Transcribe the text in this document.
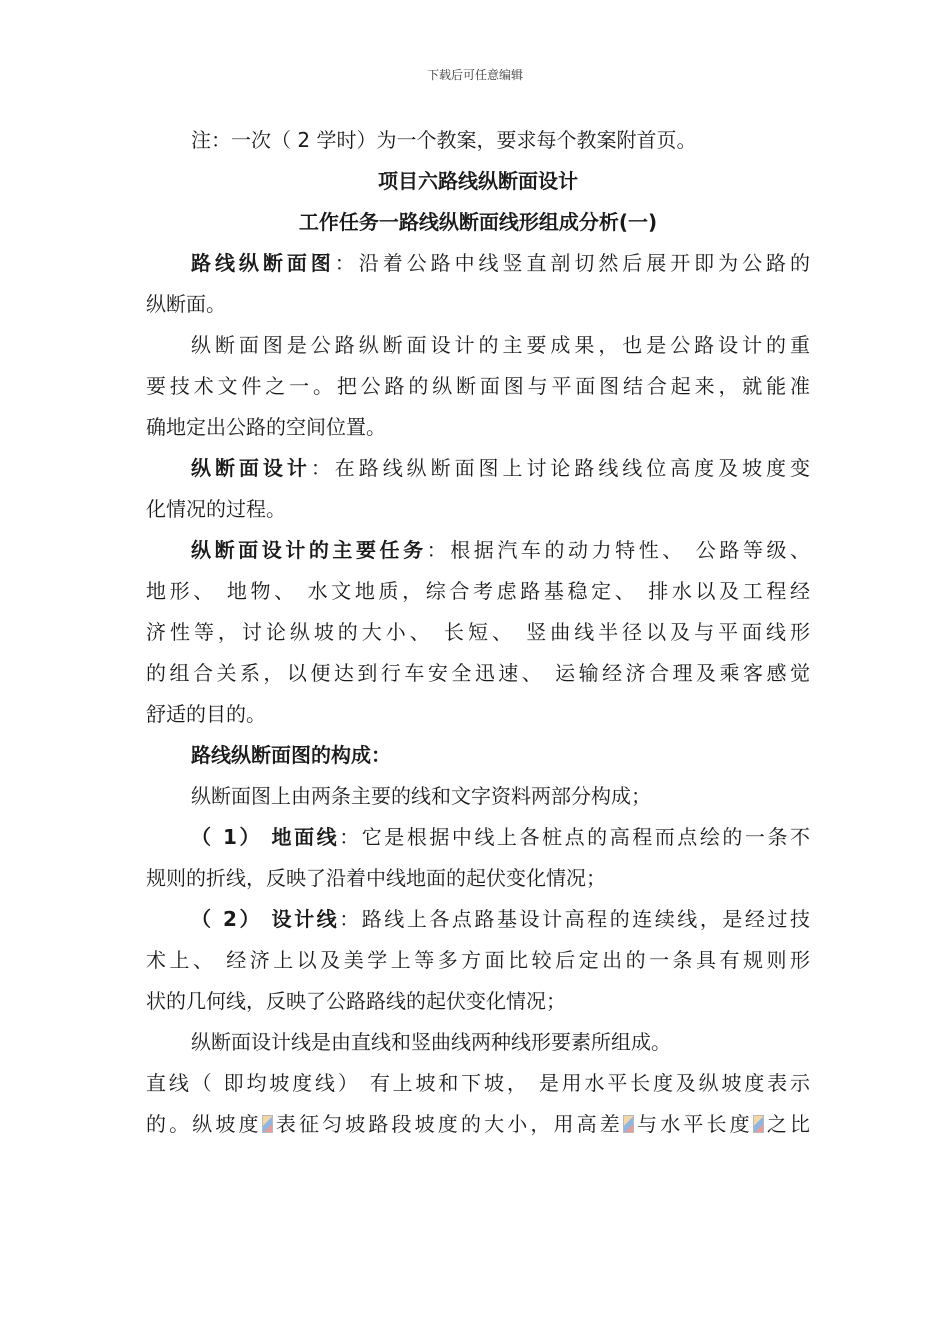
下载后可任意编辑
注：一次（ 2 学时）为一个教案，要求每个教案附首页。
项目六路线纵断面设计
工作任务一路线纵断面线形组成分析(一)
路线纵断面图：沿着公路中线竖直剖切然后展开即为公路的
纵断面。
纵断面图是公路纵断面设计的主要成果，也是公路设计的重
要技术文件之一。把公路的纵断面图与平面图结合起来，就能准
确地定出公路的空间位置。
纵断面设计：在路线纵断面图上讨论路线线位高度及坡度变
化情况的过程。
纵断面设计的主要任务：根据汽车的动力特性、 公路等级、
地形、 地物、 水文地质，综合考虑路基稳定、 排水以及工程经
济性等，讨论纵坡的大小、 长短、 竖曲线半径以及与平面线形
的组合关系，以便达到行车安全迅速、 运输经济合理及乘客感觉
舒适的目的。
路线纵断面图的构成：
纵断面图上由两条主要的线和文字资料两部分构成；
（ 1） 地面线：它是根据中线上各桩点的高程而点绘的一条不
规则的折线，反映了沿着中线地面的起伏变化情况；
（ 2） 设计线：路线上各点路基设计高程的连续线，是经过技
术上、 经济上以及美学上等多方面比较后定出的一条具有规则形
状的几何线，反映了公路路线的起伏变化情况；
纵断面设计线是由直线和竖曲线两种线形要素所组成。
直线（ 即均坡度线） 有上坡和下坡， 是用水平长度及纵坡度表示
的。纵坡度 表征匀坡路段坡度的大小，用高差 与水平长度 之比
